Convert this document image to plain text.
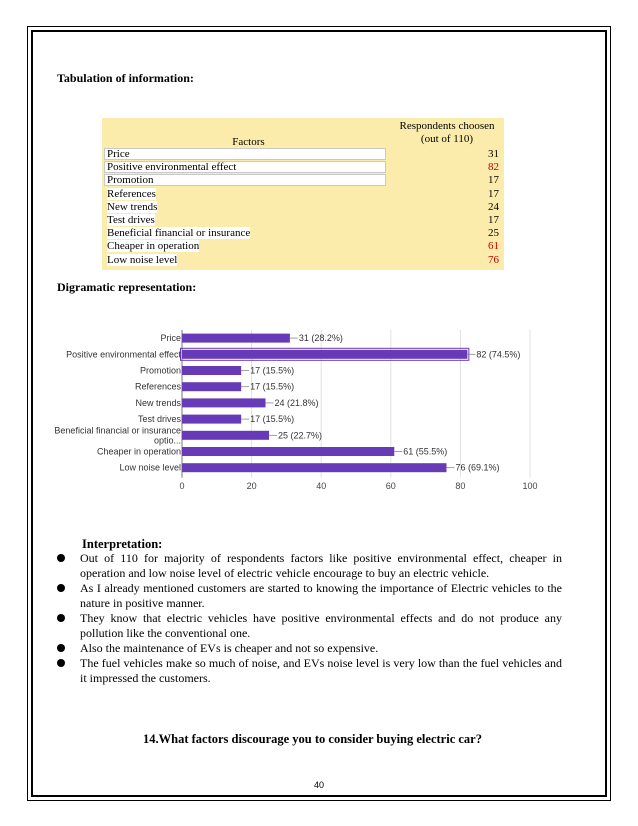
Tabulation of information:
Factors
Respondents choosen
(out of 110)
Price	31
Positive environmental effect	82
Promotion	17
References	17
New trends	24
Test drives	17
Beneficial financial or insurance	25
Cheaper in operation	61
Low noise level	76
Digramatic representation:
0	20	40	60	80	100
31 (28.2%)
Price
82 (74.5%)
Positive environmental effect
17 (15.5%)
Promotion
17 (15.5%)
References
24 (21.8%)
New trends
17 (15.5%)
Test drives
25 (22.7%)
Beneficial financial or insurance
optio...
61 (55.5%)
Cheaper in operation
76 (69.1%)
Low noise level
Interpretation:
Out of 110 for majority of respondents factors like positive environmental effect, cheaper in operation and low noise level of electric vehicle encourage to buy an electric vehicle.
As I already mentioned customers are started to knowing the importance of Electric vehicles to the nature in positive manner.
They know that electric vehicles have positive environmental effects and do not produce any pollution like the conventional one.
Also the maintenance of EVs is cheaper and not so expensive.
The fuel vehicles make so much of noise, and EVs noise level is very low than the fuel vehicles and it impressed the customers.
14.What factors discourage you to consider buying electric car?
40
